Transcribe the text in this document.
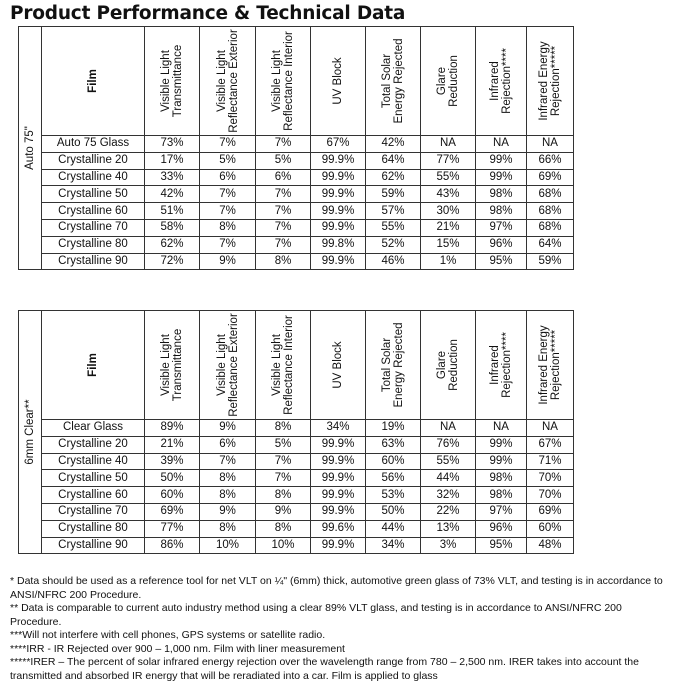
Product Performance & Technical Data
Auto 75"	Film	Visible Light Transmittance	Visible Light Reflectance Exterior	Visible Light Reflectance Interior	UV Block	Total Solar Energy Rejected	Glare Reduction	Infrared Rejection****	Infrared Energy Rejection*****

	Auto 75 Glass	73%	7%	7%	67%	42%	NA	NA	NA
	Crystalline 20	17%	5%	5%	99.9%	64%	77%	99%	66%
	Crystalline 40	33%	6%	6%	99.9%	62%	55%	99%	69%
	Crystalline 50	42%	7%	7%	99.9%	59%	43%	98%	68%
	Crystalline 60	51%	7%	7%	99.9%	57%	30%	98%	68%
	Crystalline 70	58%	8%	7%	99.9%	55%	21%	97%	68%
	Crystalline 80	62%	7%	7%	99.8%	52%	15%	96%	64%
	Crystalline 90	72%	9%	8%	99.9%	46%	1%	95%	59%
6mm Clear**	Film	Visible Light Transmittance	Visible Light Reflectance Exterior	Visible Light Reflectance Interior	UV Block	Total Solar Energy Rejected	Glare Reduction	Infrared Rejection****	Infrared Energy Rejection*****

	Clear Glass	89%	9%	8%	34%	19%	NA	NA	NA
	Crystalline 20	21%	6%	5%	99.9%	63%	76%	99%	67%
	Crystalline 40	39%	7%	7%	99.9%	60%	55%	99%	71%
	Crystalline 50	50%	8%	7%	99.9%	56%	44%	98%	70%
	Crystalline 60	60%	8%	8%	99.9%	53%	32%	98%	70%
	Crystalline 70	69%	9%	9%	99.9%	50%	22%	97%	69%
	Crystalline 80	77%	8%	8%	99.6%	44%	13%	96%	60%
	Crystalline 90	86%	10%	10%	99.9%	34%	3%	95%	48%

* Data should be used as a reference tool for net VLT on ¼" (6mm) thick, automotive green glass of 73% VLT, and testing is in accordance to ANSI/NFRC 200 Procedure.

** Data is comparable to current auto industry method using a clear 89% VLT glass, and testing is in accordance to ANSI/NFRC 200 Procedure.

***Will not interfere with cell phones, GPS systems or satellite radio.

****IRR - IR Rejected over 900 – 1,000 nm. Film with liner measurement

*****IRER – The percent of solar infrared energy rejection over the wavelength range from 780 – 2,500 nm. IRER takes into account the transmitted and absorbed IR energy that will be reradiated into a car. Film is applied to glass
